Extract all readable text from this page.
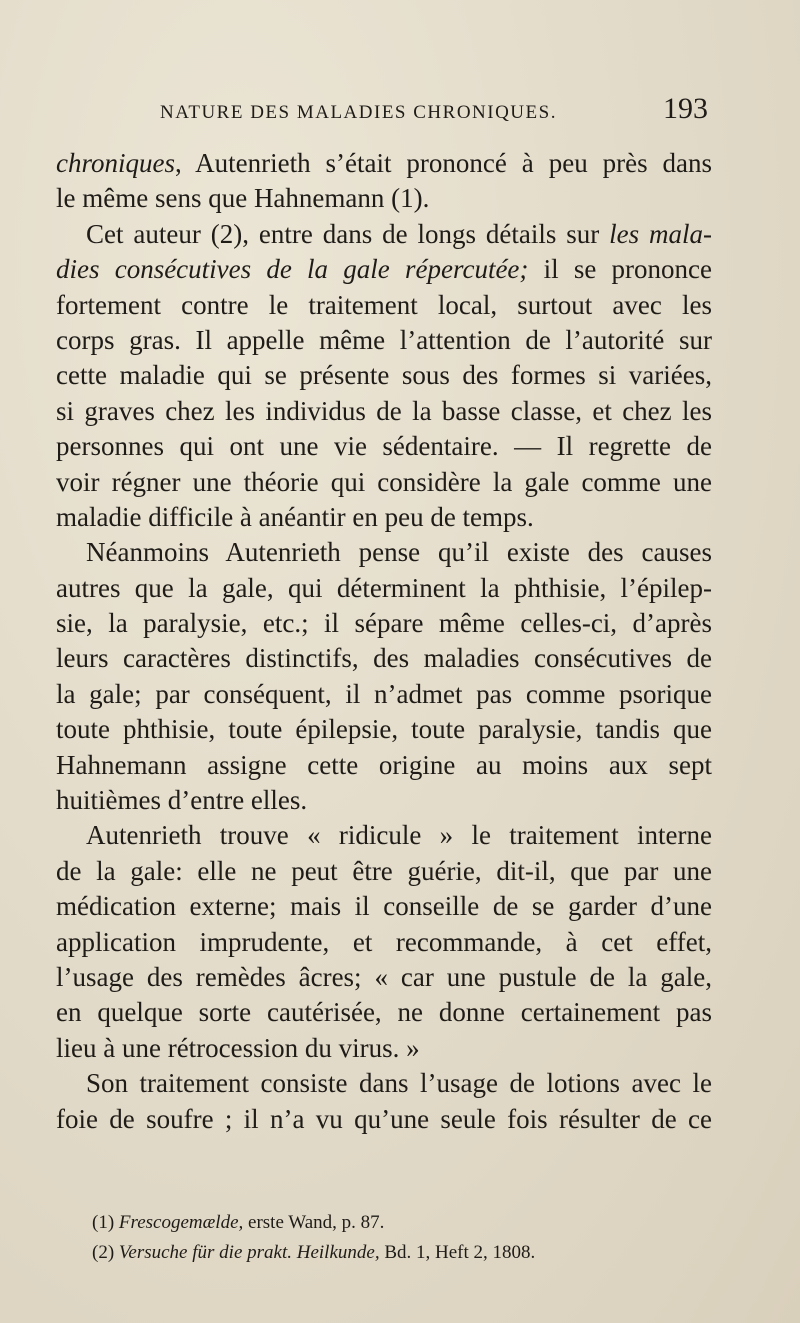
NATURE DES MALADIES CHRONIQUES.	193
chroniques, Autenrieth s’était prononcé à peu près dans
le même sens que Hahnemann (1).
Cet auteur (2), entre dans de longs détails sur les mala-
dies consécutives de la gale répercutée; il se prononce
fortement contre le traitement local, surtout avec les
corps gras. Il appelle même l’attention de l’autorité sur
cette maladie qui se présente sous des formes si variées,
si graves chez les individus de la basse classe, et chez les
personnes qui ont une vie sédentaire. — Il regrette de
voir régner une théorie qui considère la gale comme une
maladie difficile à anéantir en peu de temps.
Néanmoins Autenrieth pense qu’il existe des causes
autres que la gale, qui déterminent la phthisie, l’épilep-
sie, la paralysie, etc.; il sépare même celles-ci, d’après
leurs caractères distinctifs, des maladies consécutives de
la gale; par conséquent, il n’admet pas comme psorique
toute phthisie, toute épilepsie, toute paralysie, tandis que
Hahnemann assigne cette origine au moins aux sept
huitièmes d’entre elles.
Autenrieth trouve « ridicule » le traitement interne
de la gale: elle ne peut être guérie, dit-il, que par une
médication externe; mais il conseille de se garder d’une
application imprudente, et recommande, à cet effet,
l’usage des remèdes âcres; « car une pustule de la gale,
en quelque sorte cautérisée, ne donne certainement pas
lieu à une rétrocession du virus. »
Son traitement consiste dans l’usage de lotions avec le
foie de soufre ; il n’a vu qu’une seule fois résulter de ce
(1) Frescogemælde, erste Wand, p. 87.
(2) Versuche für die prakt. Heilkunde, Bd. 1, Heft 2, 1808.
